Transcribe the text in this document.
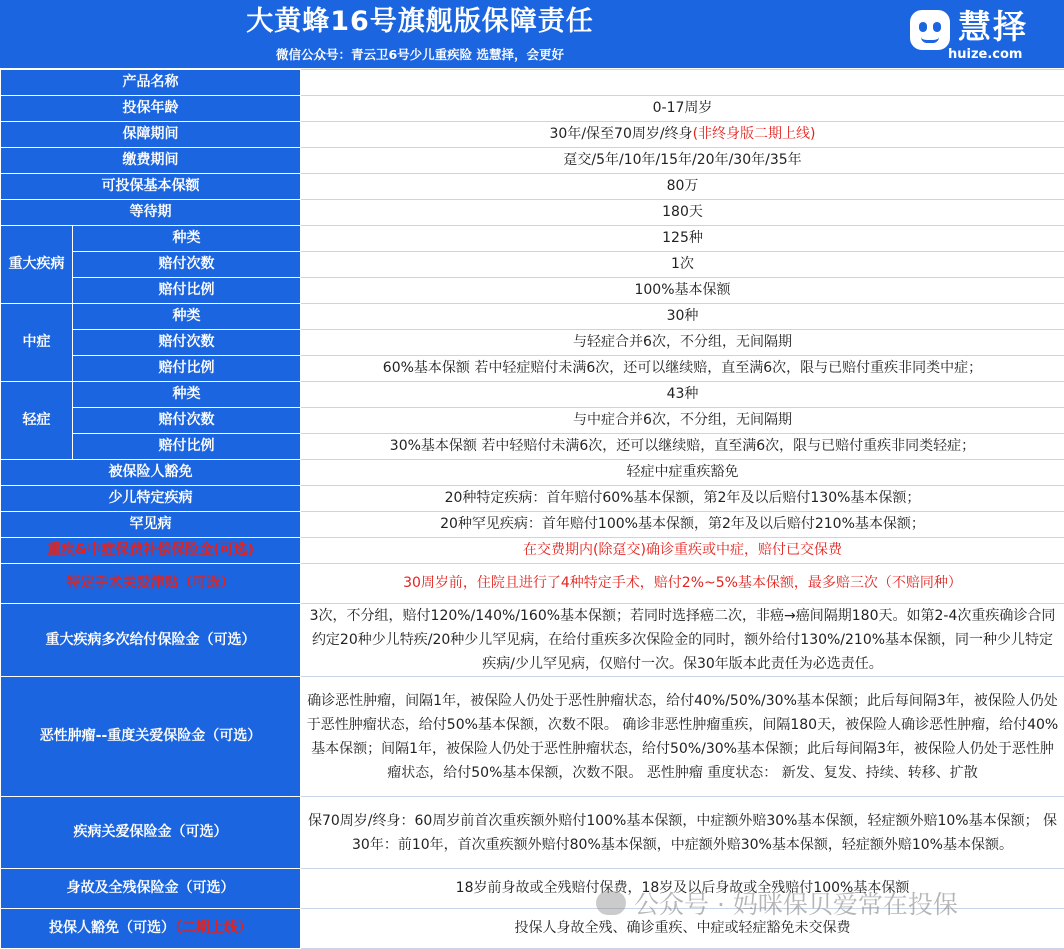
大黄蜂16号旗舰版保障责任
微信公众号：青云卫6号少儿重疾险 选慧择，会更好
慧择
huize.com
产品名称		
投保年龄		0-17周岁
保障期间		30年/保至70周岁/终身(非终身版二期上线)
缴费期间		趸交/5年/10年/15年/20年/30年/35年
可投保基本保额		80万
等待期		180天
重大疾病	种类	125种
	赔付次数	1次
	赔付比例	100%基本保额
中症	种类	30种
	赔付次数	与轻症合并6次，不分组，无间隔期
	赔付比例	60%基本保额 若中轻症赔付未满6次，还可以继续赔，直至满6次，限与已赔付重疾非同类中症；
轻症	种类	43种
	赔付次数	与中症合并6次，不分组，无间隔期
	赔付比例	30%基本保额 若中轻赔付未满6次，还可以继续赔，直至满6次，限与已赔付重疾非同类轻症；
被保险人豁免		轻症中症重疾豁免
少儿特定疾病		20种特定疾病：首年赔付60%基本保额，第2年及以后赔付130%基本保额；
罕见病		20种罕见疾病：首年赔付100%基本保额，第2年及以后赔付210%基本保额；
重疾&中症保费补偿保险金(可选)		在交费期内(除趸交)确诊重疾或中症，赔付已交保费
特定手术关爱津贴（可选）		30周岁前，住院且进行了4种特定手术，赔付2%~5%基本保额，最多赔三次（不赔同种）
重大疾病多次给付保险金（可选）		3次，不分组，赔付120%/140%/160%基本保额；若同时选择癌二次，非癌→癌间隔期180天。如第2-4次重疾确诊合同约定20种少儿特疾/20种少儿罕见病，在给付重疾多次保险金的同时，额外给付130%/210%基本保额，同一种少儿特定疾病/少儿罕见病，仅赔付一次。保30年版本此责任为必选责任。
恶性肿瘤--重度关爱保险金（可选）		确诊恶性肿瘤，间隔1年，被保险人仍处于恶性肿瘤状态，给付40%/50%/30%基本保额；此后每间隔3年，被保险人仍处于恶性肿瘤状态，给付50%基本保额，次数不限。 确诊非恶性肿瘤重疾，间隔180天，被保险人确诊恶性肿瘤，给付40%基本保额；间隔1年，被保险人仍处于恶性肿瘤状态，给付50%/30%基本保额；此后每间隔3年，被保险人仍处于恶性肿瘤状态，给付50%基本保额，次数不限。 恶性肿瘤 重度状态： 新发、复发、持续、转移、扩散
疾病关爱保险金（可选）		保70周岁/终身：60周岁前首次重疾额外赔付100%基本保额，中症额外赔30%基本保额，轻症额外赔10%基本保额； 保30年：前10年，首次重疾额外赔付80%基本保额，中症额外赔30%基本保额，轻症额外赔10%基本保额。
身故及全残保险金（可选）		18岁前身故或全残赔付保费，18岁及以后身故或全残赔付100%基本保额
投保人豁免（可选）（二期上线）		投保人身故全残、确诊重疾、中症或轻症豁免未交保费
公众号 · 妈咪保贝爱常在投保
